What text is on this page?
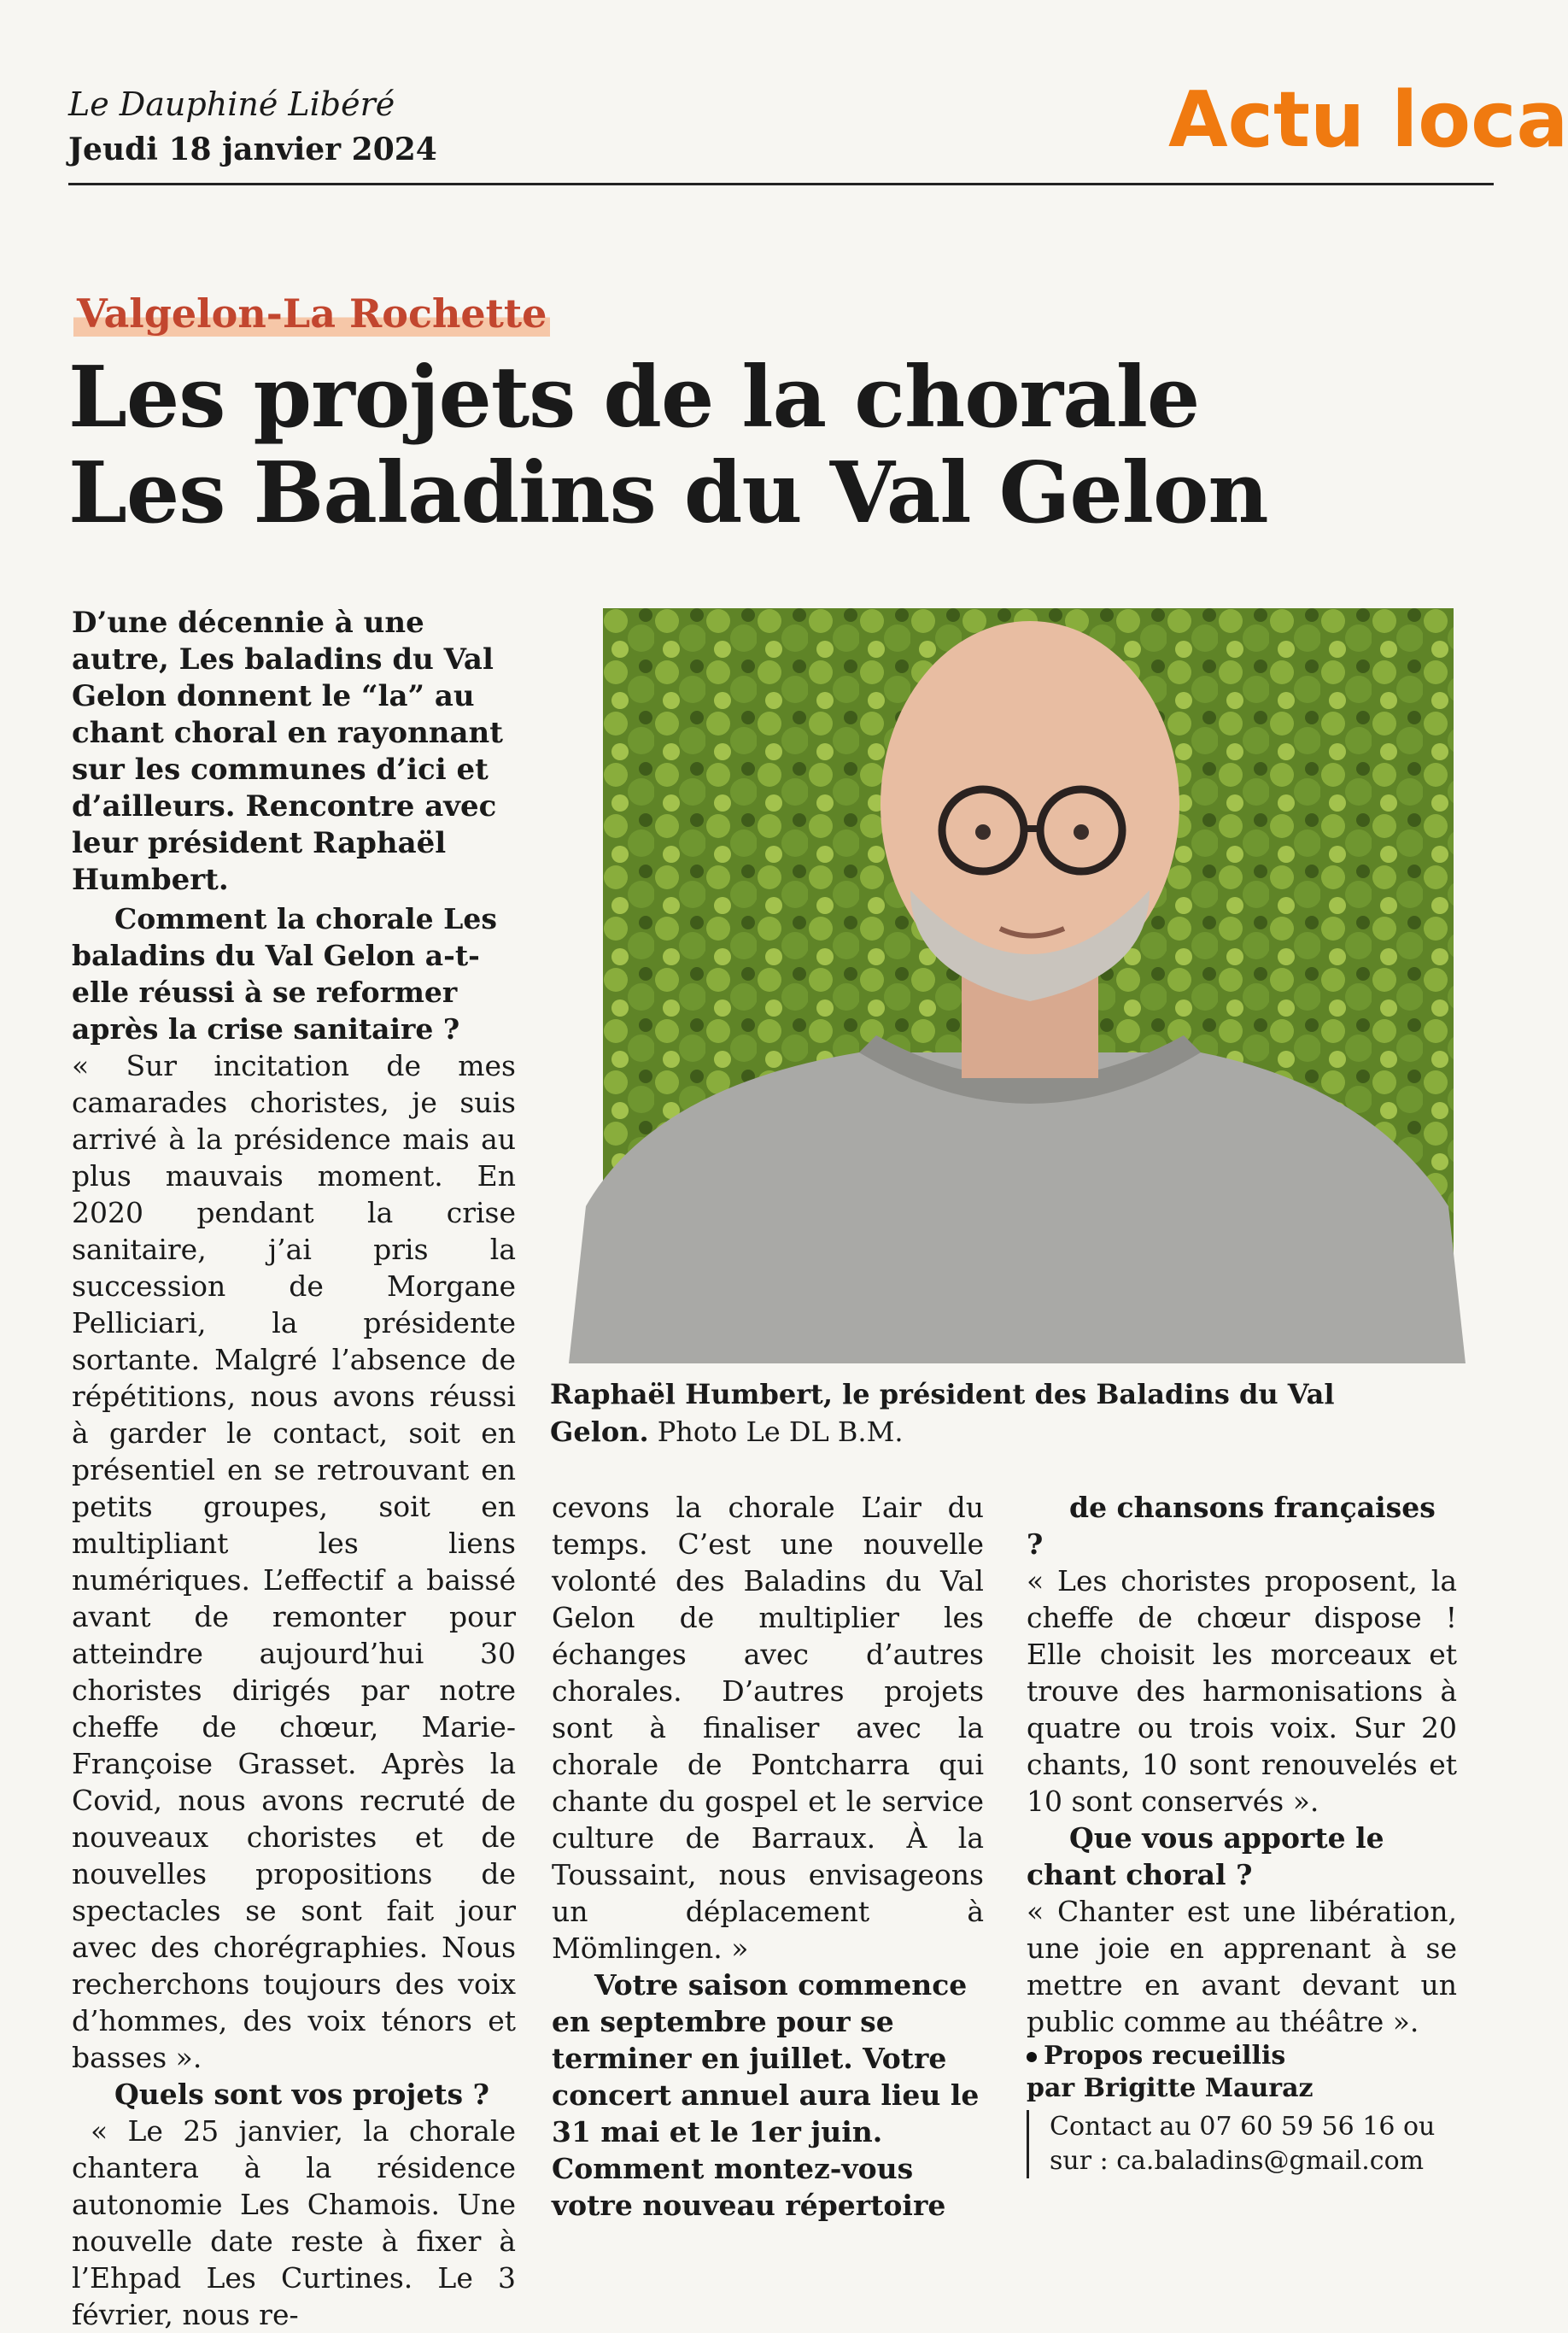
Le Dauphiné Libéré
Jeudi 18 janvier 2024	Actu loca
Valgelon-La Rochette
Les projets de la chorale
Les Baladins du Val Gelon
D’une décennie à une autre, Les baladins du Val Gelon donnent le “la” au chant choral en rayonnant sur les communes d’ici et d’ailleurs. Rencontre avec leur président Raphaël Humbert.
Raphaël Humbert, le président des Baladins du Val Gelon. Photo Le DL B.M.

Comment la chorale Les baladins du Val Gelon a-t-elle réussi à se reformer après la crise sanitaire ?

« Sur incitation de mes camarades choristes, je suis arrivé à la présidence mais au plus mauvais moment. En 2020 pendant la crise sanitaire, j’ai pris la succession de Morgane Pelliciari, la présidente sortante. Malgré l’absence de répétitions, nous avons réussi à garder le contact, soit en présentiel en se retrouvant en petits groupes, soit en multipliant les liens numériques. L’effectif a baissé avant de remonter pour atteindre aujourd’hui 30 choristes dirigés par notre cheffe de chœur, Marie-Françoise Grasset. Après la Covid, nous avons recruté de nouveaux choristes et de nouvelles propositions de spectacles se sont fait jour avec des chorégraphies. Nous recherchons toujours des voix d’hommes, des voix ténors et basses ».

Quels sont vos projets ?

« Le 25 janvier, la chorale chantera à la résidence autonomie Les Chamois. Une nouvelle date reste à fixer à l’Ehpad Les Curtines. Le 3 février, nous re-

cevons la chorale L’air du temps. C’est une nouvelle volonté des Baladins du Val Gelon de multiplier les échanges avec d’autres chorales. D’autres projets sont à finaliser avec la chorale de Pontcharra qui chante du gospel et le service culture de Barraux. À la Toussaint, nous envisageons un déplacement à Mömlingen. »

Votre saison commence en septembre pour se terminer en juillet. Votre concert annuel aura lieu le 31 mai et le 1er juin. Comment montez-vous votre nouveau répertoire

de chansons françaises ?

« Les choristes proposent, la cheffe de chœur dispose ! Elle choisit les morceaux et trouve des harmonisations à quatre ou trois voix. Sur 20 chants, 10 sont renouvelés et 10 sont conservés ».

Que vous apporte le chant choral ?

« Chanter est une libération, une joie en apprenant à se mettre en avant devant un public comme au théâtre ».

Propos recueillis
par Brigitte Mauraz
Contact au 07 60 59 56 16 ou
sur : ca.baladins@gmail.com
